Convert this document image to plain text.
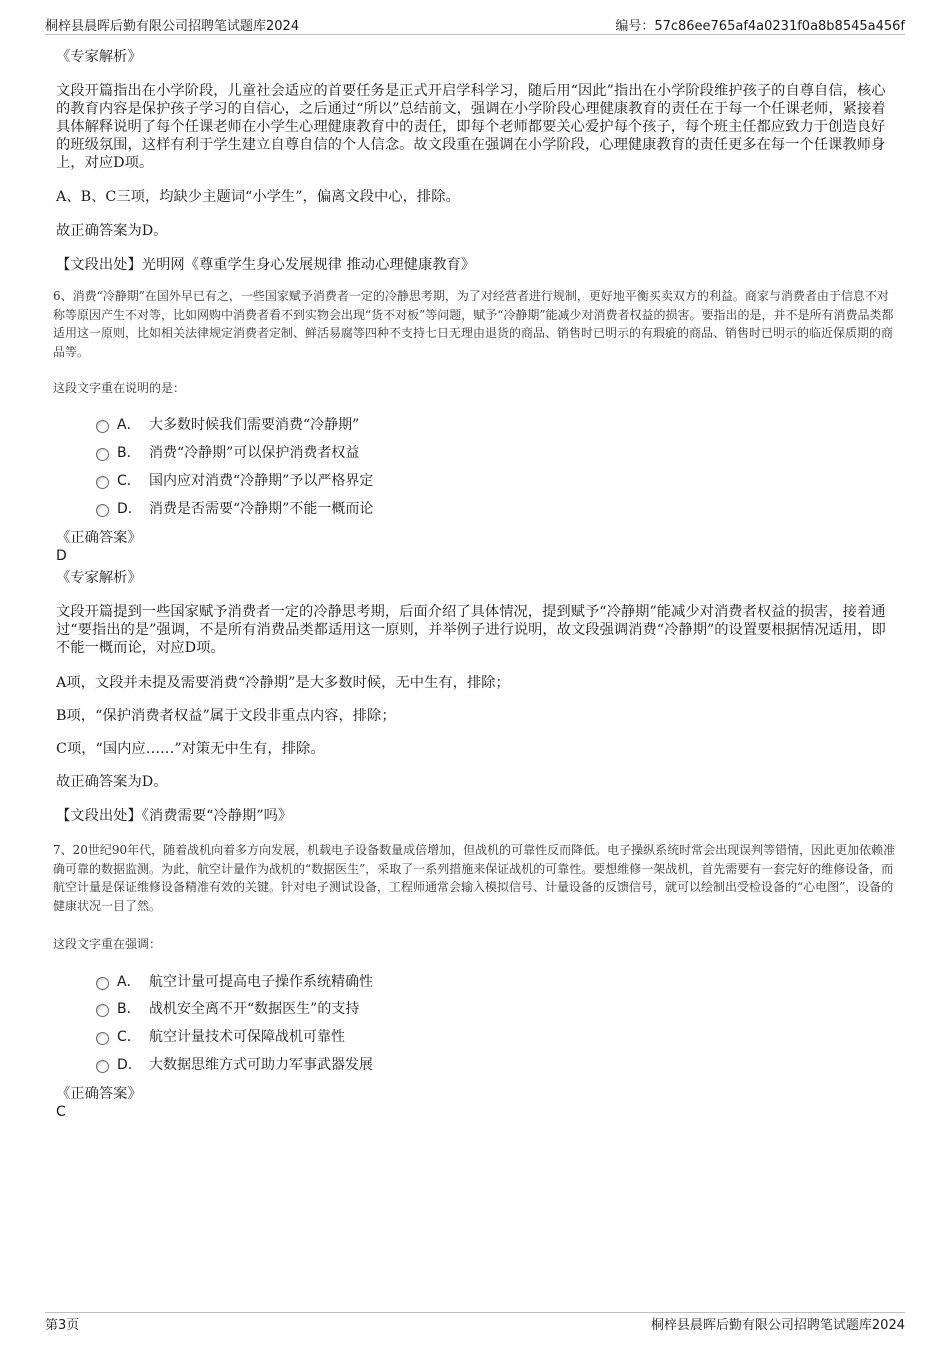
桐梓县晨晖后勤有限公司招聘笔试题库2024	编号：57c86ee765af4a0231f0a8b8545a456f
《专家解析》
文段开篇指出在小学阶段，儿童社会适应的首要任务是正式开启学科学习，随后用“因此”指出在小学阶段维护孩子的自尊自信，核心的教育内容是保护孩子学习的自信心，之后通过“所以”总结前文，强调在小学阶段心理健康教育的责任在于每一个任课老师，紧接着具体解释说明了每个任课老师在小学生心理健康教育中的责任，即每个老师都要关心爱护每个孩子，每个班主任都应致力于创造良好的班级氛围，这样有利于学生建立自尊自信的个人信念。故文段重在强调在小学阶段，心理健康教育的责任更多在每一个任课教师身上，对应D项。
A、B、C三项，均缺少主题词“小学生”，偏离文段中心，排除。
故正确答案为D。
【文段出处】光明网《尊重学生身心发展规律 推动心理健康教育》
6、消费“冷静期”在国外早已有之，一些国家赋予消费者一定的冷静思考期，为了对经营者进行规制，更好地平衡买卖双方的利益。商家与消费者由于信息不对称等原因产生不对等，比如网购中消费者看不到实物会出现“货不对板”等问题，赋予“冷静期”能减少对消费者权益的损害。要指出的是，并不是所有消费品类都适用这一原则，比如相关法律规定消费者定制、鲜活易腐等四种不支持七日无理由退货的商品、销售时已明示的有瑕疵的商品、销售时已明示的临近保质期的商品等。
这段文字重在说明的是：
A． 大多数时候我们需要消费“冷静期”
B． 消费“冷静期”可以保护消费者权益
C． 国内应对消费“冷静期”予以严格界定
D． 消费是否需要“冷静期”不能一概而论
《正确答案》
D
《专家解析》
文段开篇提到一些国家赋予消费者一定的冷静思考期，后面介绍了具体情况，提到赋予“冷静期”能减少对消费者权益的损害，接着通过“要指出的是”强调，不是所有消费品类都适用这一原则，并举例子进行说明，故文段强调消费“冷静期”的设置要根据情况适用，即不能一概而论，对应D项。
A项，文段并未提及需要消费“冷静期”是大多数时候，无中生有，排除；
B项，“保护消费者权益”属于文段非重点内容，排除；
C项，“国内应……”对策无中生有，排除。
故正确答案为D。
【文段出处】《消费需要“冷静期”吗》
7、20世纪90年代，随着战机向着多方向发展，机载电子设备数量成倍增加，但战机的可靠性反而降低。电子操纵系统时常会出现误判等错情，因此更加依赖准确可靠的数据监测。为此，航空计量作为战机的“数据医生”，采取了一系列措施来保证战机的可靠性。要想维修一架战机，首先需要有一套完好的维修设备，而航空计量是保证维修设备精准有效的关键。针对电子测试设备，工程师通常会输入模拟信号、计量设备的反馈信号，就可以绘制出受检设备的“心电图”，设备的健康状况一目了然。
这段文字重在强调：
A． 航空计量可提高电子操作系统精确性
B． 战机安全离不开“数据医生”的支持
C． 航空计量技术可保障战机可靠性
D． 大数据思维方式可助力军事武器发展
《正确答案》
C
第3页	桐梓县晨晖后勤有限公司招聘笔试题库2024
